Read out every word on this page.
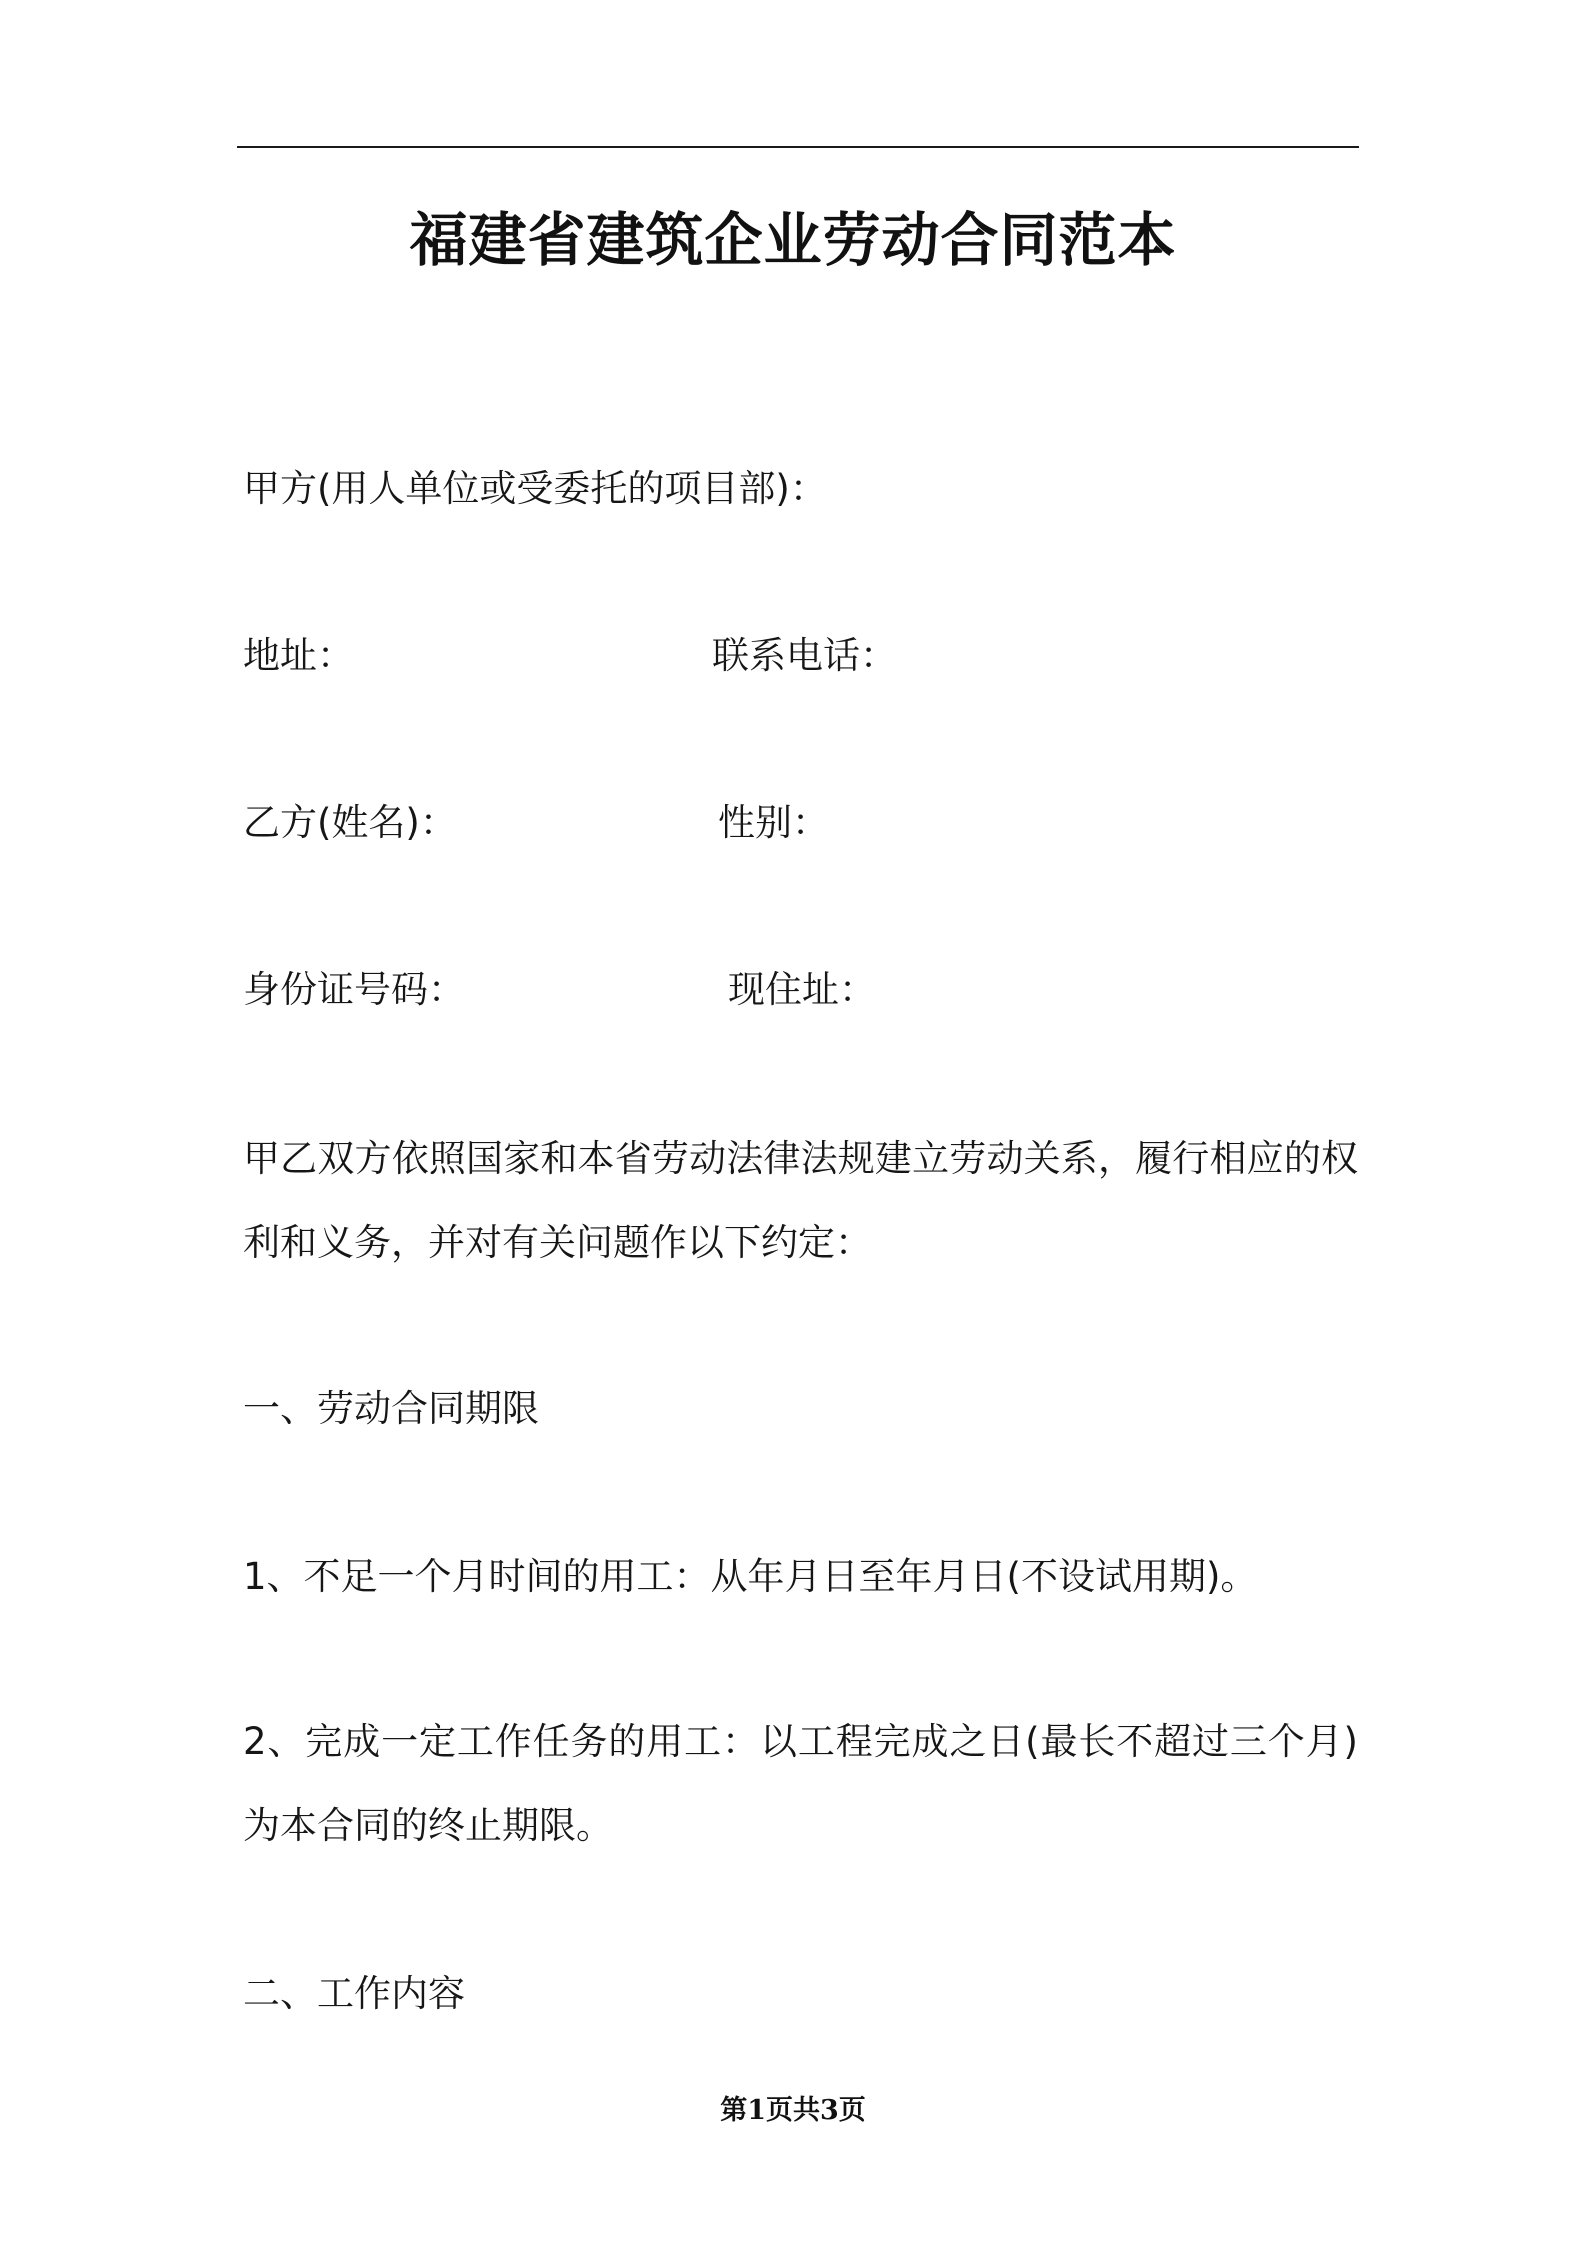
福建省建筑企业劳动合同范本
甲方(用人单位或受委托的项目部)：
地址：	联系电话：
乙方(姓名)：	性别：
身份证号码：	现住址：
甲乙双方依照国家和本省劳动法律法规建立劳动关系，履行相应的权利和义务，并对有关问题作以下约定：
一、劳动合同期限
1、不足一个月时间的用工：从年月日至年月日(不设试用期)。
2、完成一定工作任务的用工：以工程完成之日(最长不超过三个月)为本合同的终止期限。
二、工作内容
第1页共3页
